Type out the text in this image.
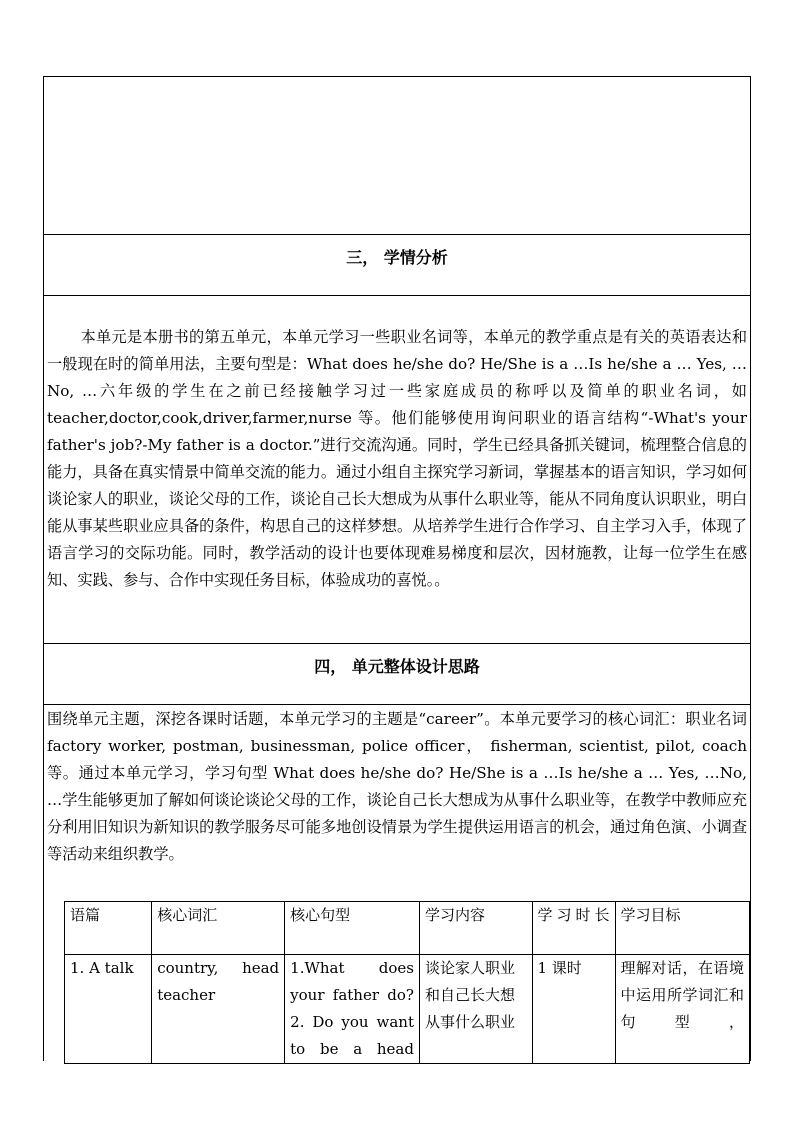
三， 学情分析

本单元是本册书的第五单元，本单元学习一些职业名词等，本单元的教学重点是有关的英语表达和一般现在时的简单用法，主要句型是：What does he/she do? He/She is a …Is he/she a … Yes, …No, …六年级的学生在之前已经接触学习过一些家庭成员的称呼以及简单的职业名词，如 teacher,doctor,cook,driver,farmer,nurse 等。他们能够使用询问职业的语言结构“-What's your father's job?-My father is a doctor.”进行交流沟通。同时，学生已经具备抓关键词，梳理整合信息的能力，具备在真实情景中简单交流的能力。通过小组自主探究学习新词，掌握基本的语言知识，学习如何谈论家人的职业，谈论父母的工作，谈论自己长大想成为从事什么职业等，能从不同角度认识职业，明白能从事某些职业应具备的条件，构思自己的这样梦想。从培养学生进行合作学习、自主学习入手，体现了语言学习的交际功能。同时，教学活动的设计也要体现难易梯度和层次，因材施教，让每一位学生在感知、实践、参与、合作中实现任务目标，体验成功的喜悦。。

四， 单元整体设计思路

围绕单元主题，深挖各课时话题，本单元学习的主题是“career”。本单元要学习的核心词汇：职业名词 factory worker, postman, businessman, police officer， fisherman, scientist, pilot, coach 等。通过本单元学习，学习句型 What does he/she do? He/She is a …Is he/she a … Yes, …No, …学生能够更加了解如何谈论谈论父母的工作，谈论自己长大想成为从事什么职业等，在教学中教师应充分利用旧知识为新知识的教学服务尽可能多地创设情景为学生提供运用语言的机会，通过角色演、小调查等活动来组织教学。

语篇	核心词汇	核心句型	学习内容	学习时长	学习目标
1. A talk	country, head teacher	1.What does your father do? 2. Do you want to be a head	谈论家人职业和自己长大想从事什么职业	1 课时	理解对话，在语境中运用所学词汇和句型，
